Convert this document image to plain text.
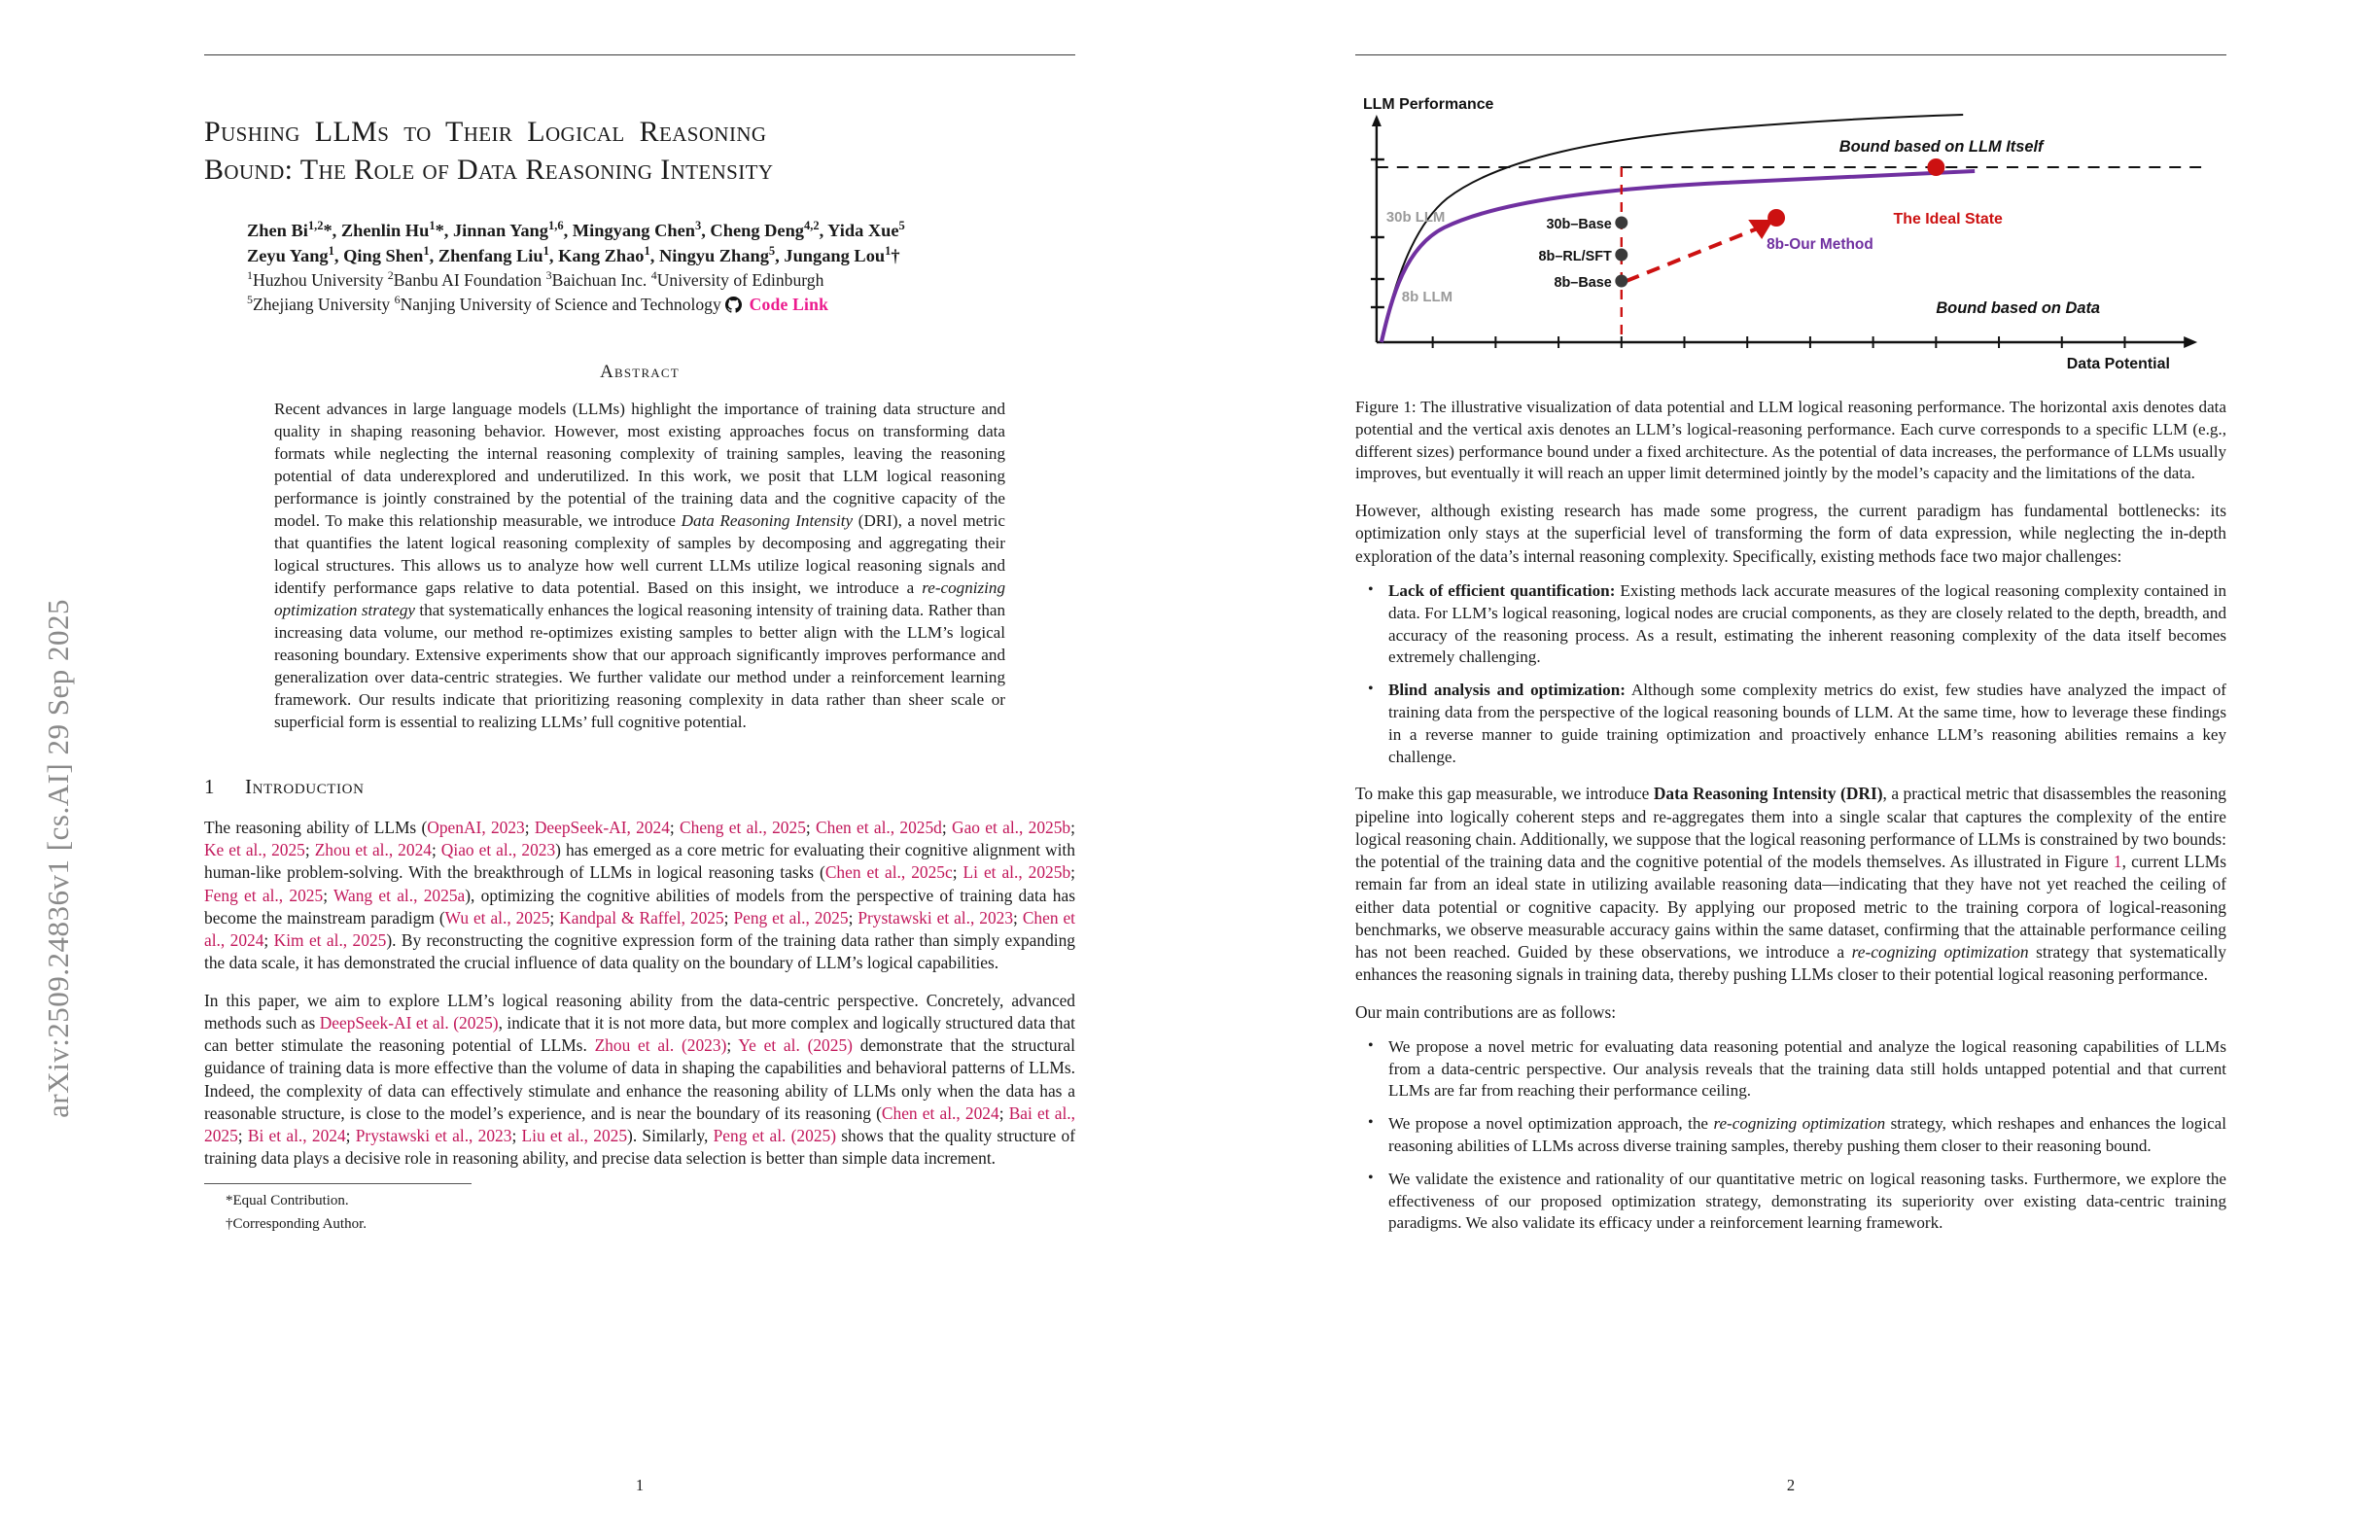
arXiv:2509.24836v1 [cs.AI] 29 Sep 2025
Pushing LLMs to Their Logical Reasoning
Bound: The Role of Data Reasoning Intensity
Zhen Bi$^{1,2}$*, Zhenlin Hu$^1$*, Jinnan Yang$^{1,6}$, Mingyang Chen$^3$, Cheng Deng$^{4,2}$, Yida Xue$^5$
Zeyu Yang$^1$, Qing Shen$^1$, Zhenfang Liu$^1$, Kang Zhao$^1$, Ningyu Zhang$^5$, Jungang Lou$^1$†
$^1$Huzhou University $^2$Banbu AI Foundation $^3$Baichuan Inc. $^4$University of Edinburgh
$^5$Zhejiang University $^6$Nanjing University of Science and Technology Code Link
Abstract
Recent advances in large language models (LLMs) highlight the importance of training data structure and quality in shaping reasoning behavior. However, most existing approaches focus on transforming data formats while neglecting the internal reasoning complexity of training samples, leaving the reasoning potential of data underexplored and underutilized. In this work, we posit that LLM logical reasoning performance is jointly constrained by the potential of the training data and the cognitive capacity of the model. To make this relationship measurable, we introduce Data Reasoning Intensity (DRI), a novel metric that quantifies the latent logical reasoning complexity of samples by decomposing and aggregating their logical structures. This allows us to analyze how well current LLMs utilize logical reasoning signals and identify performance gaps relative to data potential. Based on this insight, we introduce a re-cognizing optimization strategy that systematically enhances the logical reasoning intensity of training data. Rather than increasing data volume, our method re-optimizes existing samples to better align with the LLM’s logical reasoning boundary. Extensive experiments show that our approach significantly improves performance and generalization over data-centric strategies. We further validate our method under a reinforcement learning framework. Our results indicate that prioritizing reasoning complexity in data rather than sheer scale or superficial form is essential to realizing LLMs’ full cognitive potential.
1 Introduction
The reasoning ability of LLMs (OpenAI, 2023; DeepSeek-AI, 2024; Cheng et al., 2025; Chen et al., 2025d; Gao et al., 2025b; Ke et al., 2025; Zhou et al., 2024; Qiao et al., 2023) has emerged as a core metric for evaluating their cognitive alignment with human-like problem-solving. With the breakthrough of LLMs in logical reasoning tasks (Chen et al., 2025c; Li et al., 2025b; Feng et al., 2025; Wang et al., 2025a), optimizing the cognitive abilities of models from the perspective of training data has become the mainstream paradigm (Wu et al., 2025; Kandpal & Raffel, 2025; Peng et al., 2025; Prystawski et al., 2023; Chen et al., 2024; Kim et al., 2025). By reconstructing the cognitive expression form of the training data rather than simply expanding the data scale, it has demonstrated the crucial influence of data quality on the boundary of LLM’s logical capabilities.
In this paper, we aim to explore LLM’s logical reasoning ability from the data-centric perspective. Concretely, advanced methods such as DeepSeek-AI et al. (2025), indicate that it is not more data, but more complex and logically structured data that can better stimulate the reasoning potential of LLMs. Zhou et al. (2023); Ye et al. (2025) demonstrate that the structural guidance of training data is more effective than the volume of data in shaping the capabilities and behavioral patterns of LLMs. Indeed, the complexity of data can effectively stimulate and enhance the reasoning ability of LLMs only when the data has a reasonable structure, is close to the model’s experience, and is near the boundary of its reasoning (Chen et al., 2024; Bai et al., 2025; Bi et al., 2024; Prystawski et al., 2023; Liu et al., 2025). Similarly, Peng et al. (2025) shows that the quality structure of training data plays a decisive role in reasoning ability, and precise data selection is better than simple data increment.
*Equal Contribution.
†Corresponding Author.
1
LLM Performance
30b LLM
8b LLM
30b–Base
8b–RL/SFT
8b–Base
8b-Our Method
The Ideal State
Bound based on LLM Itself
Bound based on Data
Data Potential
Figure 1: The illustrative visualization of data potential and LLM logical reasoning performance. The horizontal axis denotes data potential and the vertical axis denotes an LLM’s logical-reasoning performance. Each curve corresponds to a specific LLM (e.g., different sizes) performance bound under a fixed architecture. As the potential of data increases, the performance of LLMs usually improves, but eventually it will reach an upper limit determined jointly by the model’s capacity and the limitations of the data.
However, although existing research has made some progress, the current paradigm has fundamental bottlenecks: its optimization only stays at the superficial level of transforming the form of data expression, while neglecting the in-depth exploration of the data’s internal reasoning complexity. Specifically, existing methods face two major challenges:
• Lack of efficient quantification: Existing methods lack accurate measures of the logical reasoning complexity contained in data. For LLM’s logical reasoning, logical nodes are crucial components, as they are closely related to the depth, breadth, and accuracy of the reasoning process. As a result, estimating the inherent reasoning complexity of the data itself becomes extremely challenging.
• Blind analysis and optimization: Although some complexity metrics do exist, few studies have analyzed the impact of training data from the perspective of the logical reasoning bounds of LLM. At the same time, how to leverage these findings in a reverse manner to guide training optimization and proactively enhance LLM’s reasoning abilities remains a key challenge.
To make this gap measurable, we introduce Data Reasoning Intensity (DRI), a practical metric that disassembles the reasoning pipeline into logically coherent steps and re-aggregates them into a single scalar that captures the complexity of the entire logical reasoning chain. Additionally, we suppose that the logical reasoning performance of LLMs is constrained by two bounds: the potential of the training data and the cognitive potential of the models themselves. As illustrated in Figure 1, current LLMs remain far from an ideal state in utilizing available reasoning data—indicating that they have not yet reached the ceiling of either data potential or cognitive capacity. By applying our proposed metric to the training corpora of logical-reasoning benchmarks, we observe measurable accuracy gains within the same dataset, confirming that the attainable performance ceiling has not been reached. Guided by these observations, we introduce a re-cognizing optimization strategy that systematically enhances the reasoning signals in training data, thereby pushing LLMs closer to their potential logical reasoning performance.
Our main contributions are as follows:
• We propose a novel metric for evaluating data reasoning potential and analyze the logical reasoning capabilities of LLMs from a data-centric perspective. Our analysis reveals that the training data still holds untapped potential and that current LLMs are far from reaching their performance ceiling.
• We propose a novel optimization approach, the re-cognizing optimization strategy, which reshapes and enhances the logical reasoning abilities of LLMs across diverse training samples, thereby pushing them closer to their reasoning bound.
• We validate the existence and rationality of our quantitative metric on logical reasoning tasks. Furthermore, we explore the effectiveness of our proposed optimization strategy, demonstrating its superiority over existing data-centric training paradigms. We also validate its efficacy under a reinforcement learning framework.
2
